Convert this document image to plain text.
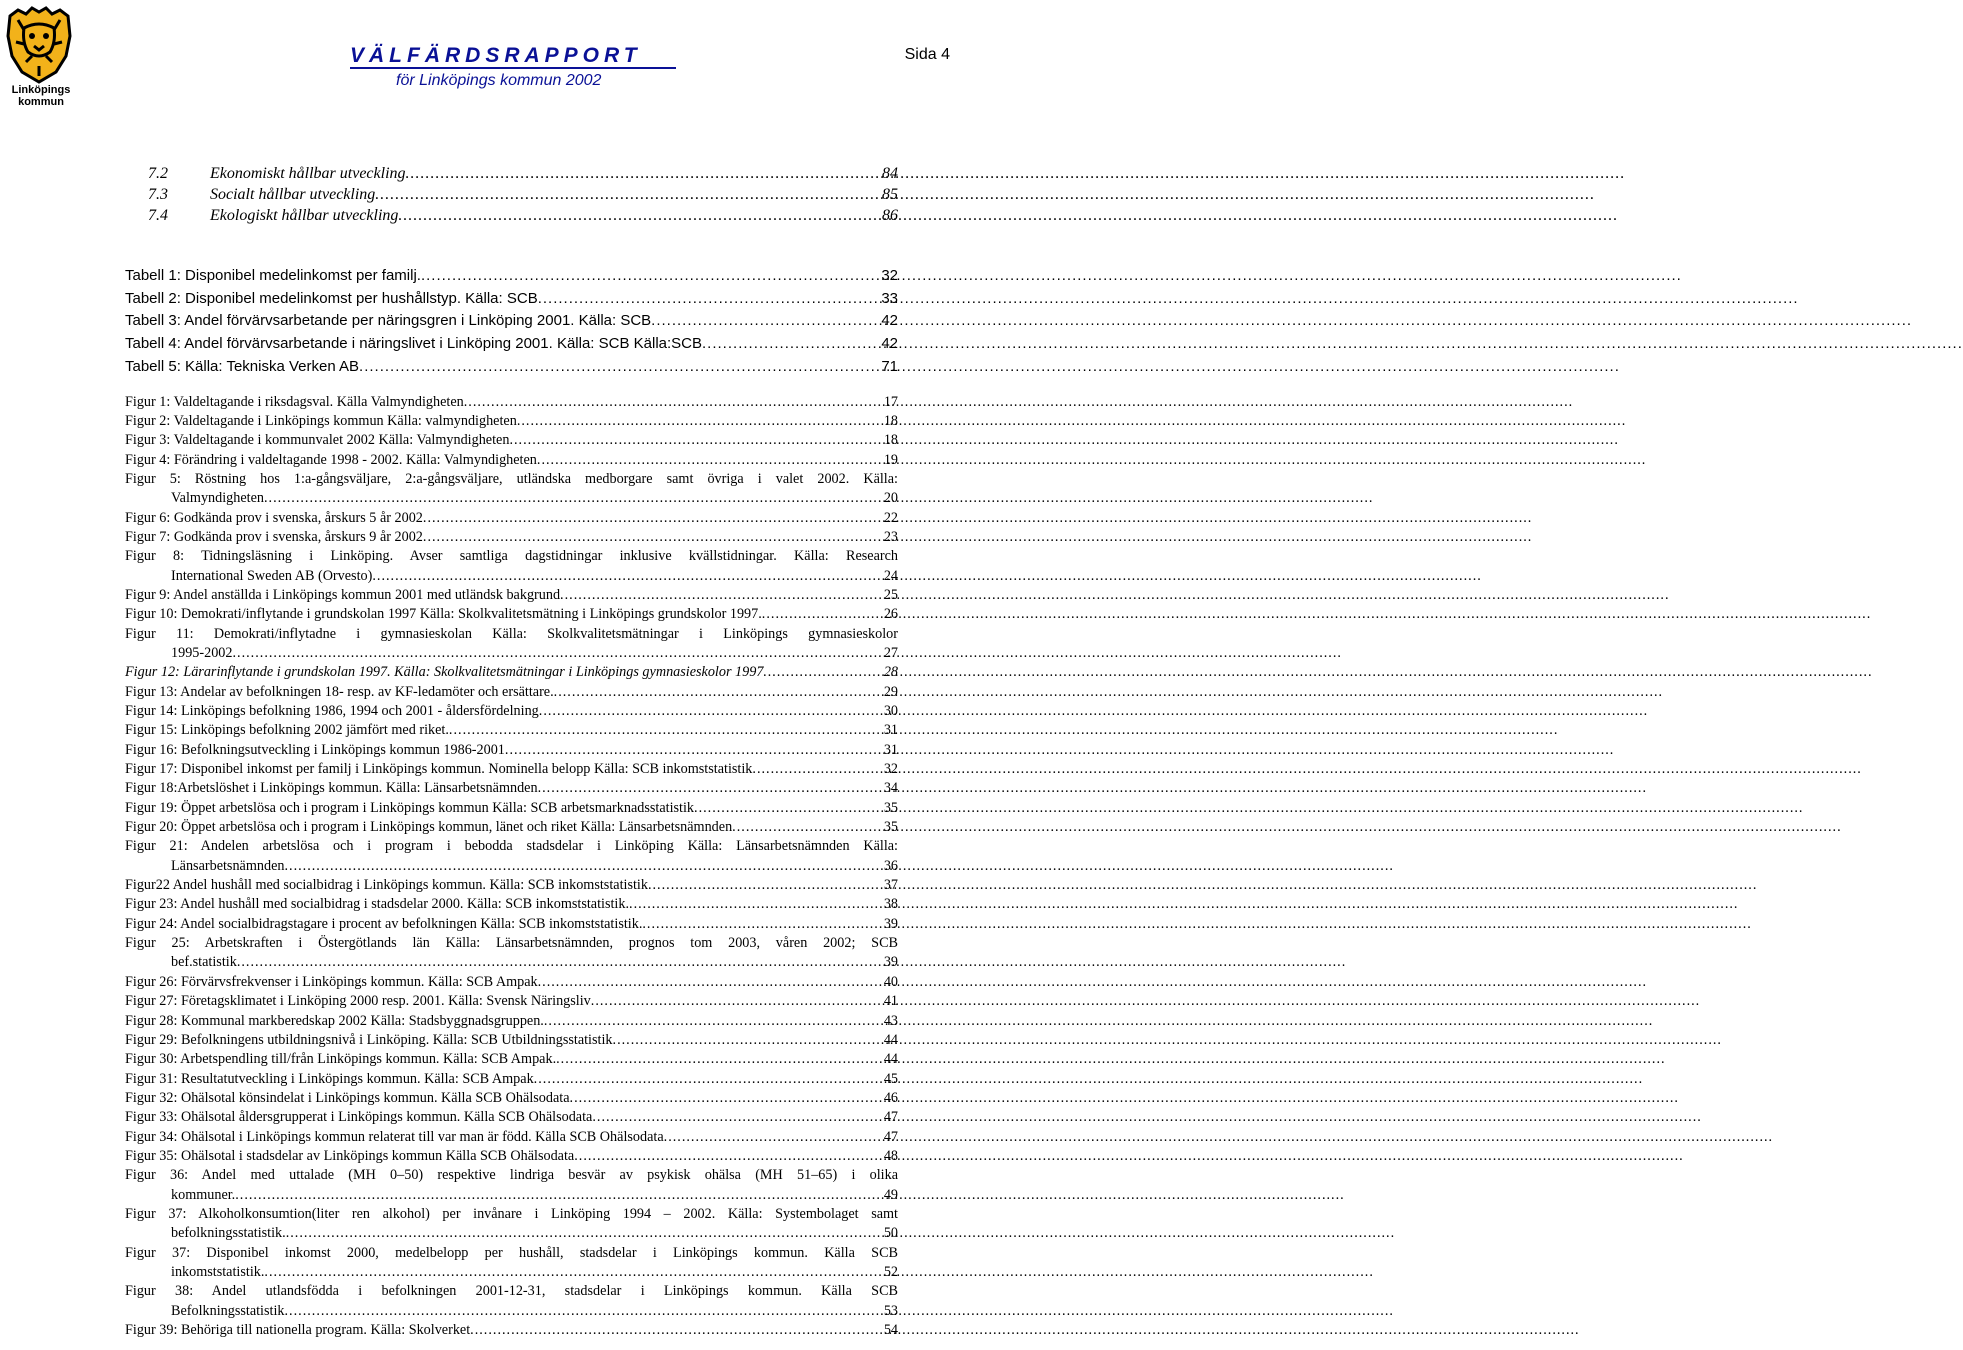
Linköpings
kommun
VÄLFÄRDSRAPPORT
för Linköpings kommun 2002
Sida 4
7.2	Ekonomiskt hållbar utveckling .....	84
7.3	Socialt hållbar utveckling .....	85
7.4	Ekologiskt hållbar utveckling .....	86
Tabell 1: Disponibel medelinkomst per familj. .....	32
Tabell 2: Disponibel medelinkomst per hushållstyp. Källa: SCB .....	33
Tabell 3: Andel förvärvsarbetande per näringsgren i Linköping 2001. Källa: SCB .....	42
Tabell 4: Andel förvärvsarbetande i näringslivet i Linköping 2001. Källa: SCB Källa:SCB .....	42
Tabell 5: Källa: Tekniska Verken AB .....	71
Figur 1: Valdeltagande i riksdagsval. Källa Valmyndigheten .....	17
Figur 2: Valdeltagande i Linköpings kommun Källa: valmyndigheten .....	18
Figur 3: Valdeltagande i kommunvalet 2002 Källa: Valmyndigheten .....	18
Figur 4: Förändring i valdeltagande 1998 - 2002. Källa: Valmyndigheten .....	19
Figur 5: Röstning hos 1:a-gångsväljare, 2:a-gångsväljare, utländska medborgare samt övriga i valet 2002. Källa:
Valmyndigheten .....	20
Figur 6: Godkända prov i svenska, årskurs 5 år 2002 .....	22
Figur 7: Godkända prov i svenska, årskurs 9 år 2002 .....	23
Figur 8: Tidningsläsning i Linköping. Avser samtliga dagstidningar inklusive kvällstidningar. Källa: Research
International Sweden AB (Orvesto) .....	24
Figur 9: Andel anställda i Linköpings kommun 2001 med utländsk bakgrund .....	25
Figur 10: Demokrati/inflytande i grundskolan 1997 Källa: Skolkvalitetsmätning i Linköpings grundskolor 1997. .....	26
Figur 11: Demokrati/inflytadne i gymnasieskolan Källa: Skolkvalitetsmätningar i Linköpings gymnasieskolor
1995-2002 .....	27
Figur 12: Lärarinflytande i grundskolan 1997. Källa: Skolkvalitetsmätningar i Linköpings gymnasieskolor 1997 .....	28
Figur 13: Andelar av befolkningen 18- resp. av KF-ledamöter och ersättare. .....	29
Figur 14: Linköpings befolkning 1986, 1994 och 2001 - åldersfördelning .....	30
Figur 15: Linköpings befolkning 2002 jämfört med riket. .....	31
Figur 16: Befolkningsutveckling i Linköpings kommun 1986-2001 .....	31
Figur 17: Disponibel inkomst per familj i Linköpings kommun. Nominella belopp Källa: SCB inkomststatistik .....	32
Figur 18:Arbetslöshet i Linköpings kommun. Källa: Länsarbetsnämnden .....	34
Figur 19: Öppet arbetslösa och i program i Linköpings kommun Källa: SCB arbetsmarknadsstatistik .....	35
Figur 20: Öppet arbetslösa och i program i Linköpings kommun, länet och riket Källa: Länsarbetsnämnden .....	35
Figur 21: Andelen arbetslösa och i program i bebodda stadsdelar i Linköping Källa: Länsarbetsnämnden Källa:
Länsarbetsnämnden .....	36
Figur22 Andel hushåll med socialbidrag i Linköpings kommun. Källa: SCB inkomststatistik .....	37
Figur 23: Andel hushåll med socialbidrag i stadsdelar 2000. Källa: SCB inkomststatistik. .....	38
Figur 24: Andel socialbidragstagare i procent av befolkningen Källa: SCB inkomststatistik. .....	39
Figur 25: Arbetskraften i Östergötlands län Källa: Länsarbetsnämnden, prognos tom 2003, våren 2002; SCB
bef.statistik .....	39
Figur 26: Förvärvsfrekvenser i Linköpings kommun. Källa: SCB Ampak .....	40
Figur 27: Företagsklimatet i Linköping 2000 resp. 2001. Källa: Svensk Näringsliv .....	41
Figur 28: Kommunal markberedskap 2002 Källa: Stadsbyggnadsgruppen. .....	43
Figur 29: Befolkningens utbildningsnivå i Linköping. Källa: SCB Utbildningsstatistik .....	44
Figur 30: Arbetspendling till/från Linköpings kommun. Källa: SCB Ampak. .....	44
Figur 31: Resultatutveckling i Linköpings kommun. Källa: SCB Ampak .....	45
Figur 32: Ohälsotal könsindelat i Linköpings kommun. Källa SCB Ohälsodata .....	46
Figur 33: Ohälsotal åldersgrupperat i Linköpings kommun. Källa SCB Ohälsodata .....	47
Figur 34: Ohälsotal i Linköpings kommun relaterat till var man är född. Källa SCB Ohälsodata .....	47
Figur 35: Ohälsotal i stadsdelar av Linköpings kommun Källa SCB Ohälsodata .....	48
Figur 36: Andel med uttalade (MH 0–50) respektive lindriga besvär av psykisk ohälsa (MH 51–65) i olika
kommuner. .....	49
Figur 37: Alkoholkonsumtion(liter ren alkohol) per invånare i Linköping 1994 – 2002. Källa: Systembolaget samt
befolkningsstatistik. .....	50
Figur 37: Disponibel inkomst 2000, medelbelopp per hushåll, stadsdelar i Linköpings kommun. Källa SCB
inkomststatistik. .....	52
Figur 38: Andel utlandsfödda i befolkningen 2001-12-31, stadsdelar i Linköpings kommun. Källa SCB
Befolkningsstatistik .....	53
Figur 39: Behöriga till nationella program. Källa: Skolverket .....	54
